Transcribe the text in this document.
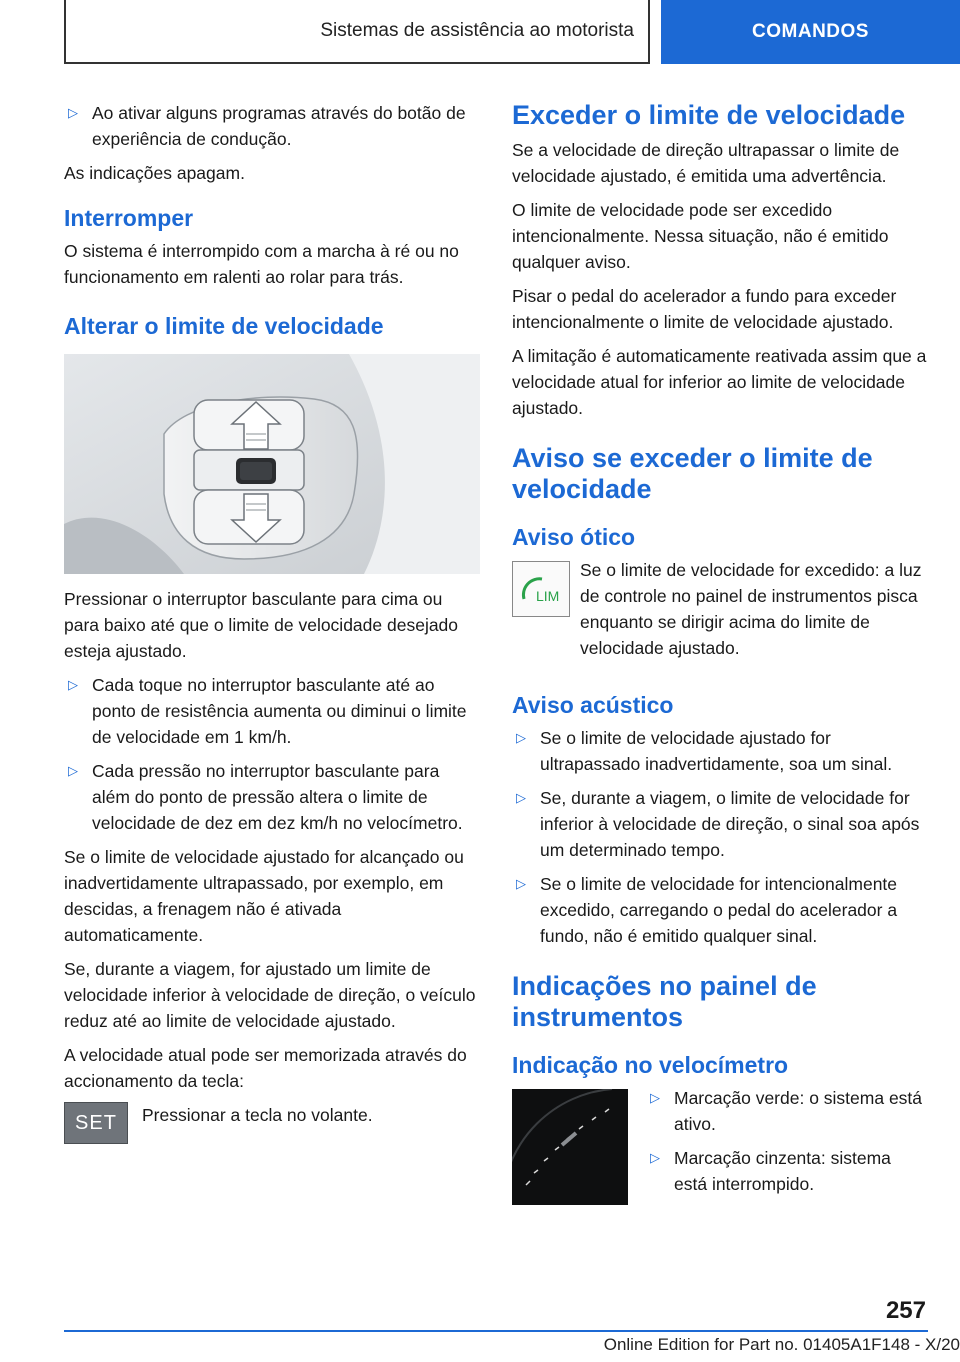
Sistemas de assistência ao motorista	COMANDOS
▷ Ao ativar alguns programas através do botão de experiência de condução.

As indicações apagam.

Interromper

O sistema é interrompido com a marcha à ré ou no funcionamento em ralenti ao rolar para trás.

Alterar o limite de velocidade

Pressionar o interruptor basculante para cima ou para baixo até que o limite de velocidade desejado esteja ajustado.

▷ Cada toque no interruptor basculante até ao ponto de resistência aumenta ou diminui o limite de velocidade em 1 km/h.
▷ Cada pressão no interruptor basculante para além do ponto de pressão altera o limite de velocidade de dez em dez km/h no velocímetro.

Se o limite de velocidade ajustado for alcançado ou inadvertidamente ultrapassado, por exemplo, em descidas, a frenagem não é ativada automaticamente.

Se, durante a viagem, for ajustado um limite de velocidade inferior à velocidade de direção, o veículo reduz até ao limite de velocidade ajustado.

A velocidade atual pode ser memorizada através do accionamento da tecla:

SET Pressionar a tecla no volante.

Exceder o limite de velocidade

Se a velocidade de direção ultrapassar o limite de velocidade ajustado, é emitida uma advertência.

O limite de velocidade pode ser excedido intencionalmente. Nessa situação, não é emitido qualquer aviso.

Pisar o pedal do acelerador a fundo para exceder intencionalmente o limite de velocidade ajustado.

A limitação é automaticamente reativada assim que a velocidade atual for inferior ao limite de velocidade ajustado.

Aviso se exceder o limite de velocidade
Aviso ótico
LIM

Se o limite de velocidade for excedido: a luz de controle no painel de instrumentos pisca enquanto se dirigir acima do limite de velocidade ajustado.

Aviso acústico
▷ Se o limite de velocidade ajustado for ultrapassado inadvertidamente, soa um sinal.
▷ Se, durante a viagem, o limite de velocidade for inferior à velocidade de direção, o sinal soa após um determinado tempo.
▷ Se o limite de velocidade for intencionalmente excedido, carregando o pedal do acelerador a fundo, não é emitido qualquer sinal.
Indicações no painel de instrumentos
Indicação no velocímetro
▷ Marcação verde: o sistema está ativo.
▷ Marcação cinzenta: sistema está interrompido.
257
Online Edition for Part no. 01405A1F148 - X/20
